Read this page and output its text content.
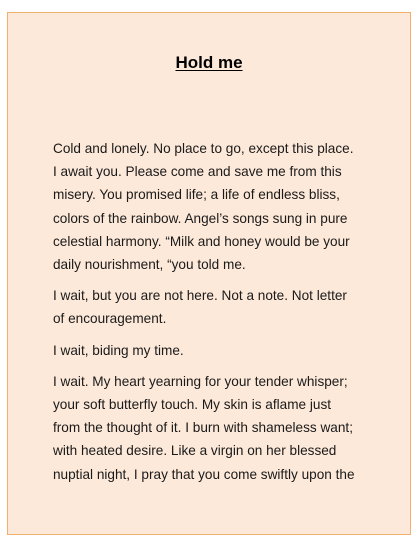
Hold me

Cold and lonely. No place to go, except this place.
I await you. Please come and save me from this
misery. You promised life; a life of endless bliss,
colors of the rainbow. Angel’s songs sung in pure
celestial harmony. “Milk and honey would be your
daily nourishment, “you told me.

I wait, but you are not here. Not a note. Not letter
of encouragement.

I wait, biding my time.

I wait. My heart yearning for your tender whisper;
your soft butterfly touch. My skin is aflame just
from the thought of it. I burn with shameless want;
with heated desire. Like a virgin on her blessed
nuptial night, I pray that you come swiftly upon the
